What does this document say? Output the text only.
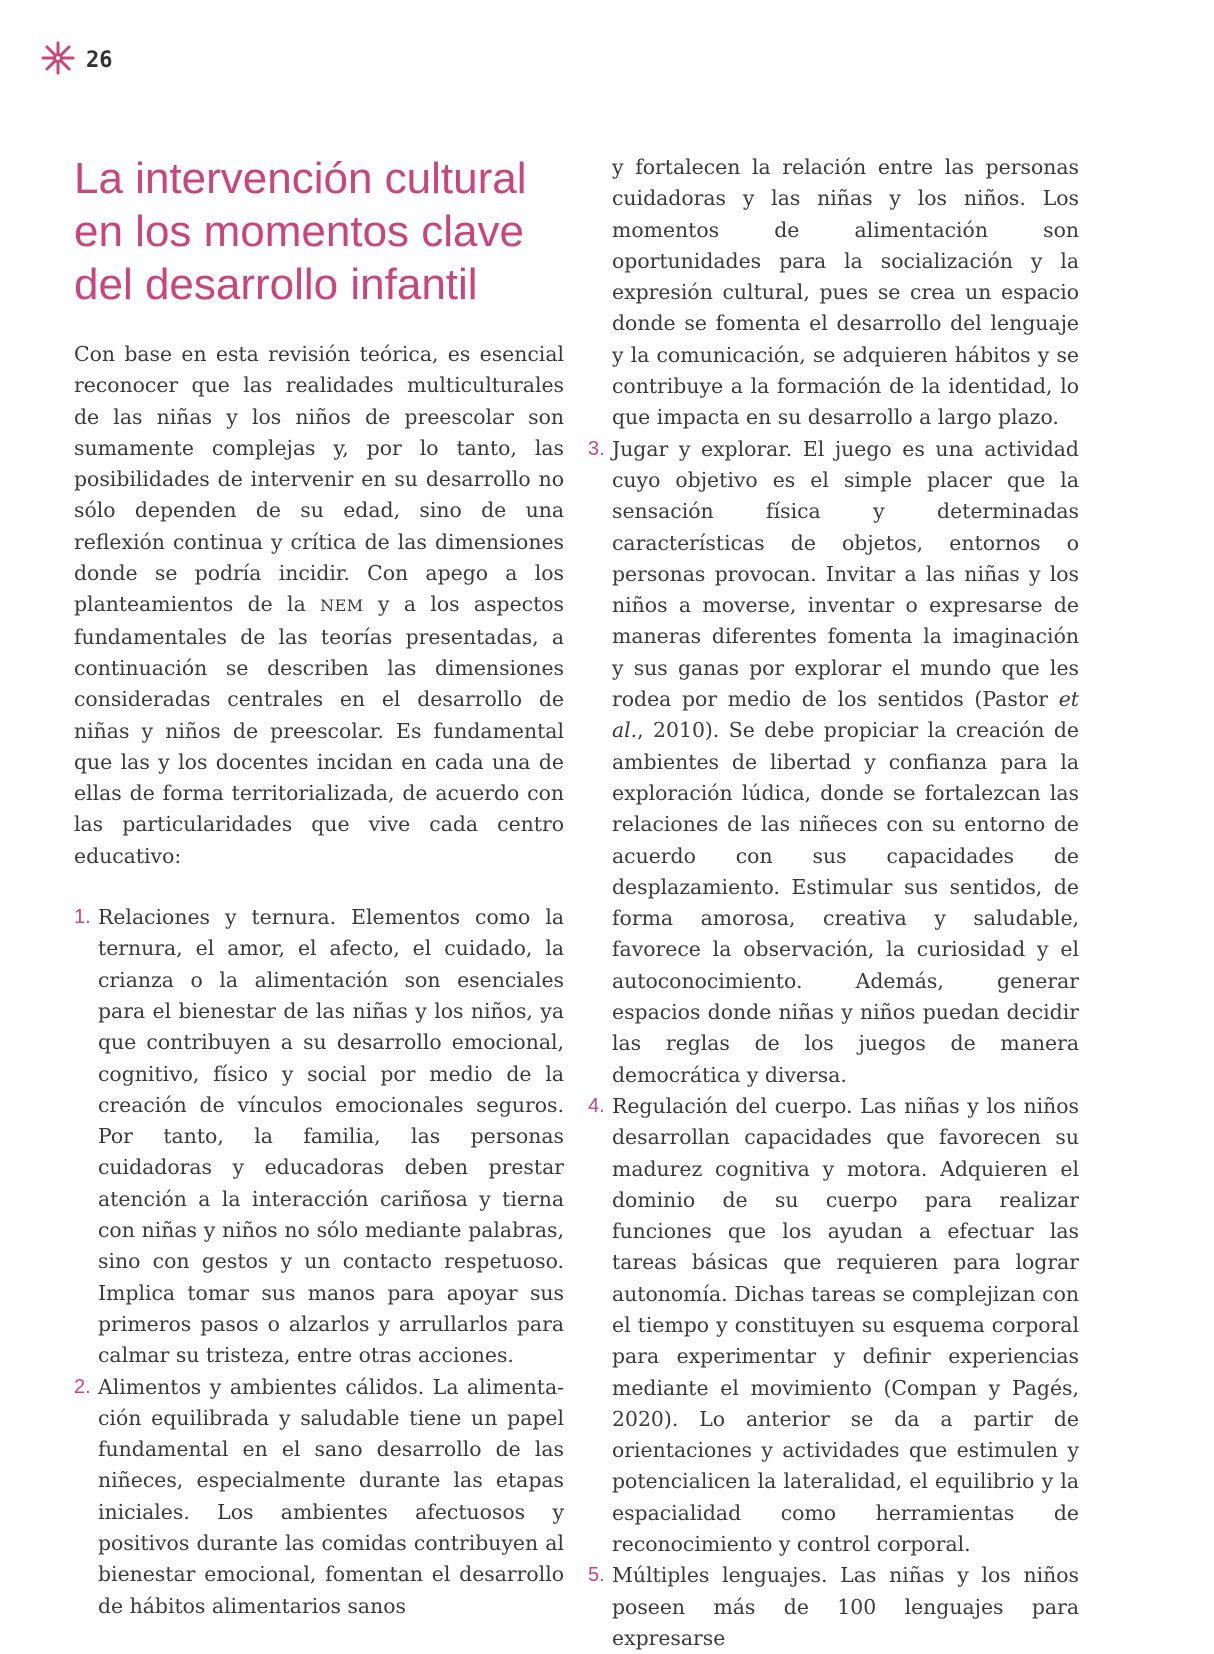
26
La intervención cultural en los momentos clave del desarrollo infantil

Con base en esta revisión teórica, es esencial reconocer que las realidades multiculturales de las niñas y los niños de preescolar son sumamente complejas y, por lo tanto, las posibilidades de intervenir en su desarrollo no sólo dependen de su edad, sino de una reflexión continua y crítica de las dimensiones donde se podría incidir. Con apego a los planteamientos de la NEM y a los aspectos fundamentales de las teorías presentadas, a continuación se describen las dimensiones consideradas centrales en el desarrollo de niñas y niños de preescolar. Es fundamental que las y los docentes incidan en cada una de ellas de forma territorializada, de acuerdo con las particularidades que vive cada centro educativo:

1. Relaciones y ternura. Elementos como la ternura, el amor, el afecto, el cuidado, la crianza o la alimentación son esenciales para el bienestar de las niñas y los niños, ya que contribuyen a su desarrollo emocional, cognitivo, físico y social por medio de la creación de vínculos emocionales seguros. Por tanto, la familia, las personas cuidadoras y educadoras deben prestar atención a la interacción cariñosa y tierna con niñas y niños no sólo mediante palabras, sino con gestos y un contacto respetuoso. Implica tomar sus manos para apoyar sus primeros pasos o alzarlos y arrullarlos para calmar su tristeza, entre otras acciones.

2. Alimentos y ambientes cálidos. La alimentación equilibrada y saludable tiene un papel fundamental en el sano desarrollo de las niñeces, especialmente durante las etapas iniciales. Los ambientes afectuosos y positivos durante las comidas contribuyen al bienestar emocional, fomentan el desarrollo de hábitos alimentarios sanos

y fortalecen la relación entre las personas cuidadoras y las niñas y los niños. Los momentos de alimentación son oportunidades para la socialización y la expresión cultural, pues se crea un espacio donde se fomenta el desarrollo del lenguaje y la comunicación, se adquieren hábitos y se contribuye a la formación de la identidad, lo que impacta en su desarrollo a largo plazo.

3. Jugar y explorar. El juego es una actividad cuyo objetivo es el simple placer que la sensación física y determinadas características de objetos, entornos o personas provocan. Invitar a las niñas y los niños a moverse, inventar o expresarse de maneras diferentes fomenta la imaginación y sus ganas por explorar el mundo que les rodea por medio de los sentidos (Pastor et al., 2010). Se debe propiciar la creación de ambientes de libertad y confianza para la exploración lúdica, donde se fortalezcan las relaciones de las niñeces con su entorno de acuerdo con sus capacidades de desplazamiento. Estimular sus sentidos, de forma amorosa, creativa y saludable, favorece la observación, la curiosidad y el autoconocimiento. Además, generar espacios donde niñas y niños puedan decidir las reglas de los juegos de manera democrática y diversa.

4. Regulación del cuerpo. Las niñas y los niños desarrollan capacidades que favorecen su madurez cognitiva y motora. Adquieren el dominio de su cuerpo para realizar funciones que los ayudan a efectuar las tareas básicas que requieren para lograr autonomía. Dichas tareas se complejizan con el tiempo y constituyen su esquema corporal para experimentar y definir experiencias mediante el movimiento (Compan y Pagés, 2020). Lo anterior se da a partir de orientaciones y actividades que estimulen y potencialicen la lateralidad, el equilibrio y la espacialidad como herramientas de reconocimiento y control corporal.

5. Múltiples lenguajes. Las niñas y los niños poseen más de 100 lenguajes para expresarse
